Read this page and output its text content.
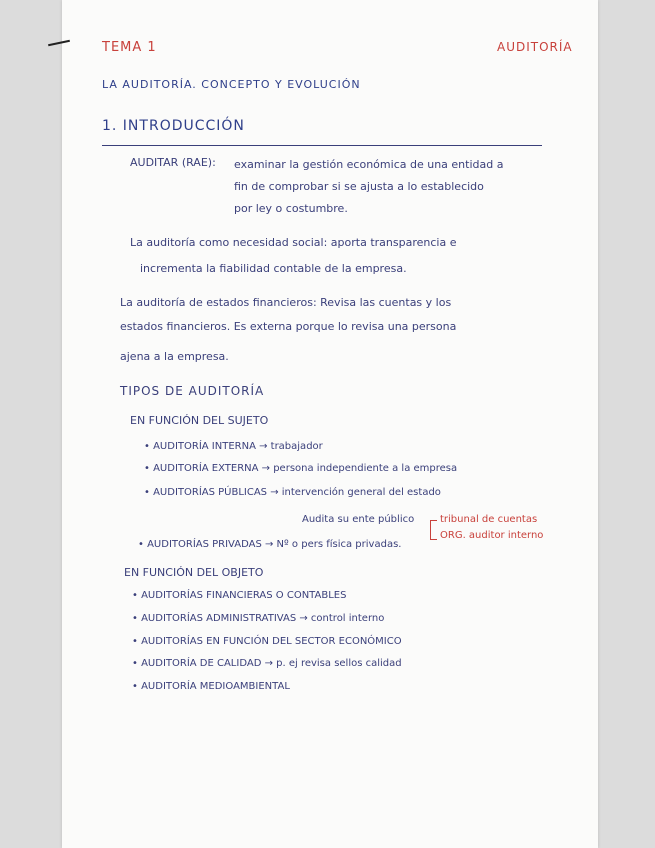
TEMA 1	AUDITORÍA
LA AUDITORÍA. CONCEPTO Y EVOLUCIÓN
1. INTRODUCCIÓN
AUDITAR (RAE): examinar la gestión económica de una entidad a
fin de comprobar si se ajusta a lo establecido
por ley o costumbre.
La auditoría como necesidad social: aporta transparencia e
incrementa la fiabilidad contable de la empresa.
La auditoría de estados financieros: Revisa las cuentas y los
estados financieros. Es externa porque lo revisa una persona
ajena a la empresa.
TIPOS DE AUDITORÍA
EN FUNCIÓN DEL SUJETO
• AUDITORÍA INTERNA → trabajador
• AUDITORÍA EXTERNA → persona independiente a la empresa
• AUDITORÍAS PÚBLICAS → intervención general del estado
Audita su ente público	tribunal de cuentas
ORG. auditor interno
• AUDITORÍAS PRIVADAS → Nº o pers física privadas.
EN FUNCIÓN DEL OBJETO
• AUDITORÍAS FINANCIERAS O CONTABLES
• AUDITORÍAS ADMINISTRATIVAS → control interno
• AUDITORÍAS EN FUNCIÓN DEL SECTOR ECONÓMICO
• AUDITORÍA DE CALIDAD → p. ej revisa sellos calidad
• AUDITORÍA MEDIOAMBIENTAL
